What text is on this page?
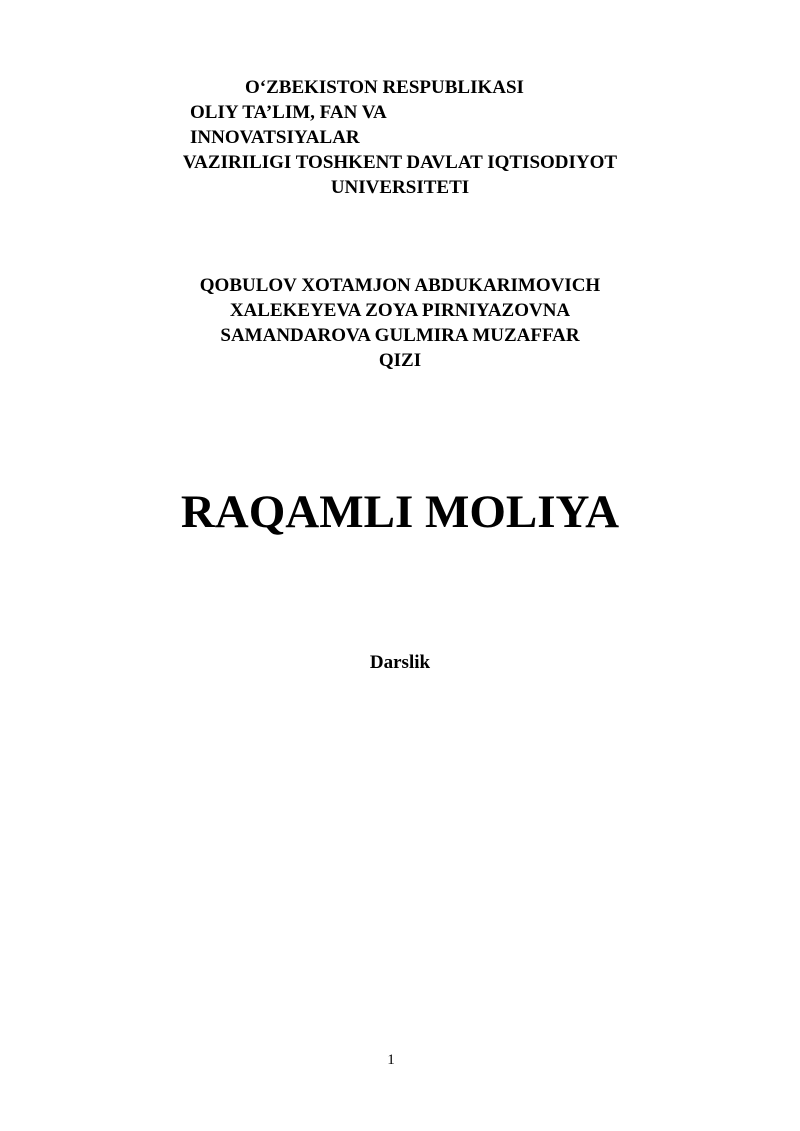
O‘ZBEKISTON RESPUBLIKASI

OLIY TA’LIM, FAN VA

INNOVATSIYALAR

VAZIRILIGI TOSHKENT DAVLAT IQTISODIYOT

UNIVERSITETI

QOBULOV XOTAMJON ABDUKARIMOVICH

XALEKEYEVA ZOYA PIRNIYAZOVNA

SAMANDAROVA GULMIRA MUZAFFAR

QIZI

RAQAMLI MOLIYA

Darslik

1
